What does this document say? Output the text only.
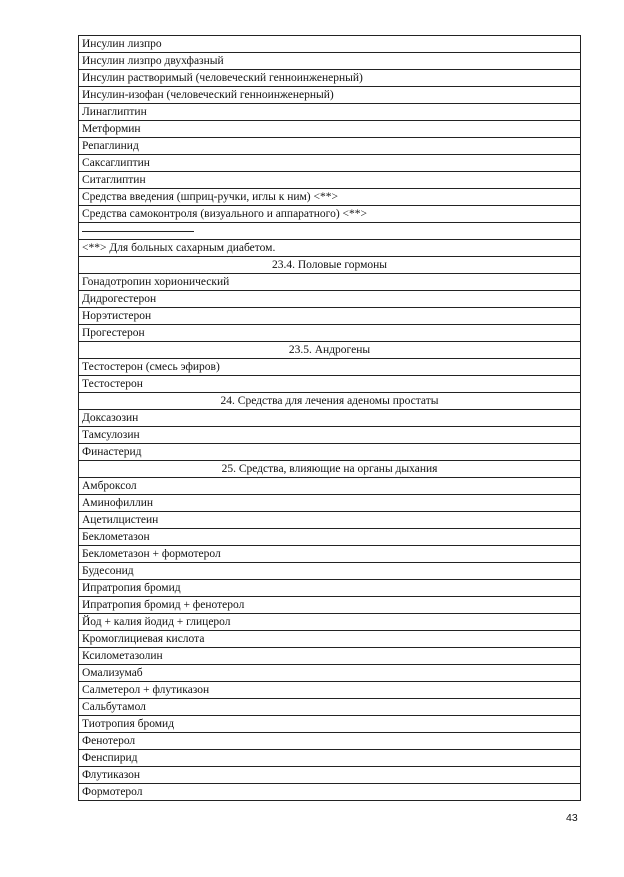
Инсулин лизпро
Инсулин лизпро двухфазный
Инсулин растворимый (человеческий генноинженерный)
Инсулин-изофан (человеческий генноинженерный)
Линаглиптин
Метформин
Репаглинид
Саксаглиптин
Ситаглиптин
Средства введения (шприц-ручки, иглы к ним) <**>
Средства самоконтроля (визуального и аппаратного) <**>

<**> Для больных сахарным диабетом.
23.4. Половые гормоны
Гонадотропин хорионический
Дидрогестерон
Норэтистерон
Прогестерон
23.5. Андрогены
Тестостерон (смесь эфиров)
Тестостерон
24. Средства для лечения аденомы простаты
Доксазозин
Тамсулозин
Финастерид
25. Средства, влияющие на органы дыхания
Амброксол
Аминофиллин
Ацетилцистеин
Беклометазон
Беклометазон + формотерол
Будесонид
Ипратропия бромид
Ипратропия бромид + фенотерол
Йод + калия йодид + глицерол
Кромоглициевая кислота
Ксилометазолин
Омализумаб
Салметерол + флутиказон
Сальбутамол
Тиотропия бромид
Фенотерол
Фенспирид
Флутиказон
Формотерол
43
